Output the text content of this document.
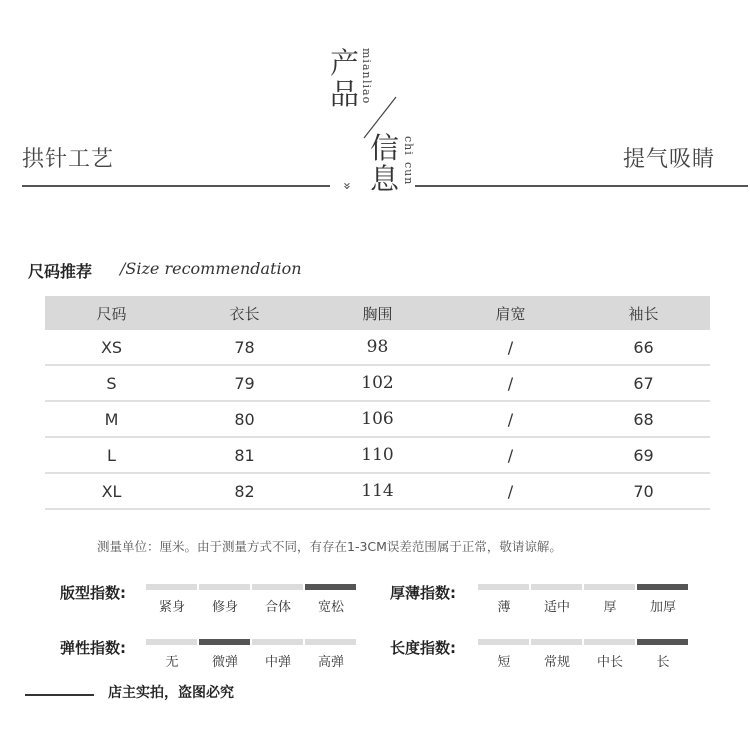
拱针工艺	提气吸睛
产
品
信
息
mian
liao
chi
cun
»
尺码推荐 /Size recommendation
尺码	衣长	胸围	肩宽	袖长
XS	78	98	/	66
S	79	102	/	67
M	80	106	/	68
L	81	110	/	69
XL	82	114	/	70
测量单位：厘米。由于测量方式不同，有存在1-3CM误差范围属于正常，敬请谅解。
版型指数:
紧身	修身	合体	宽松
厚薄指数:
薄	适中	厚	加厚
弹性指数:
无	微弹	中弹	高弹
长度指数:
短	常规	中长	长
店主实拍，盗图必究
